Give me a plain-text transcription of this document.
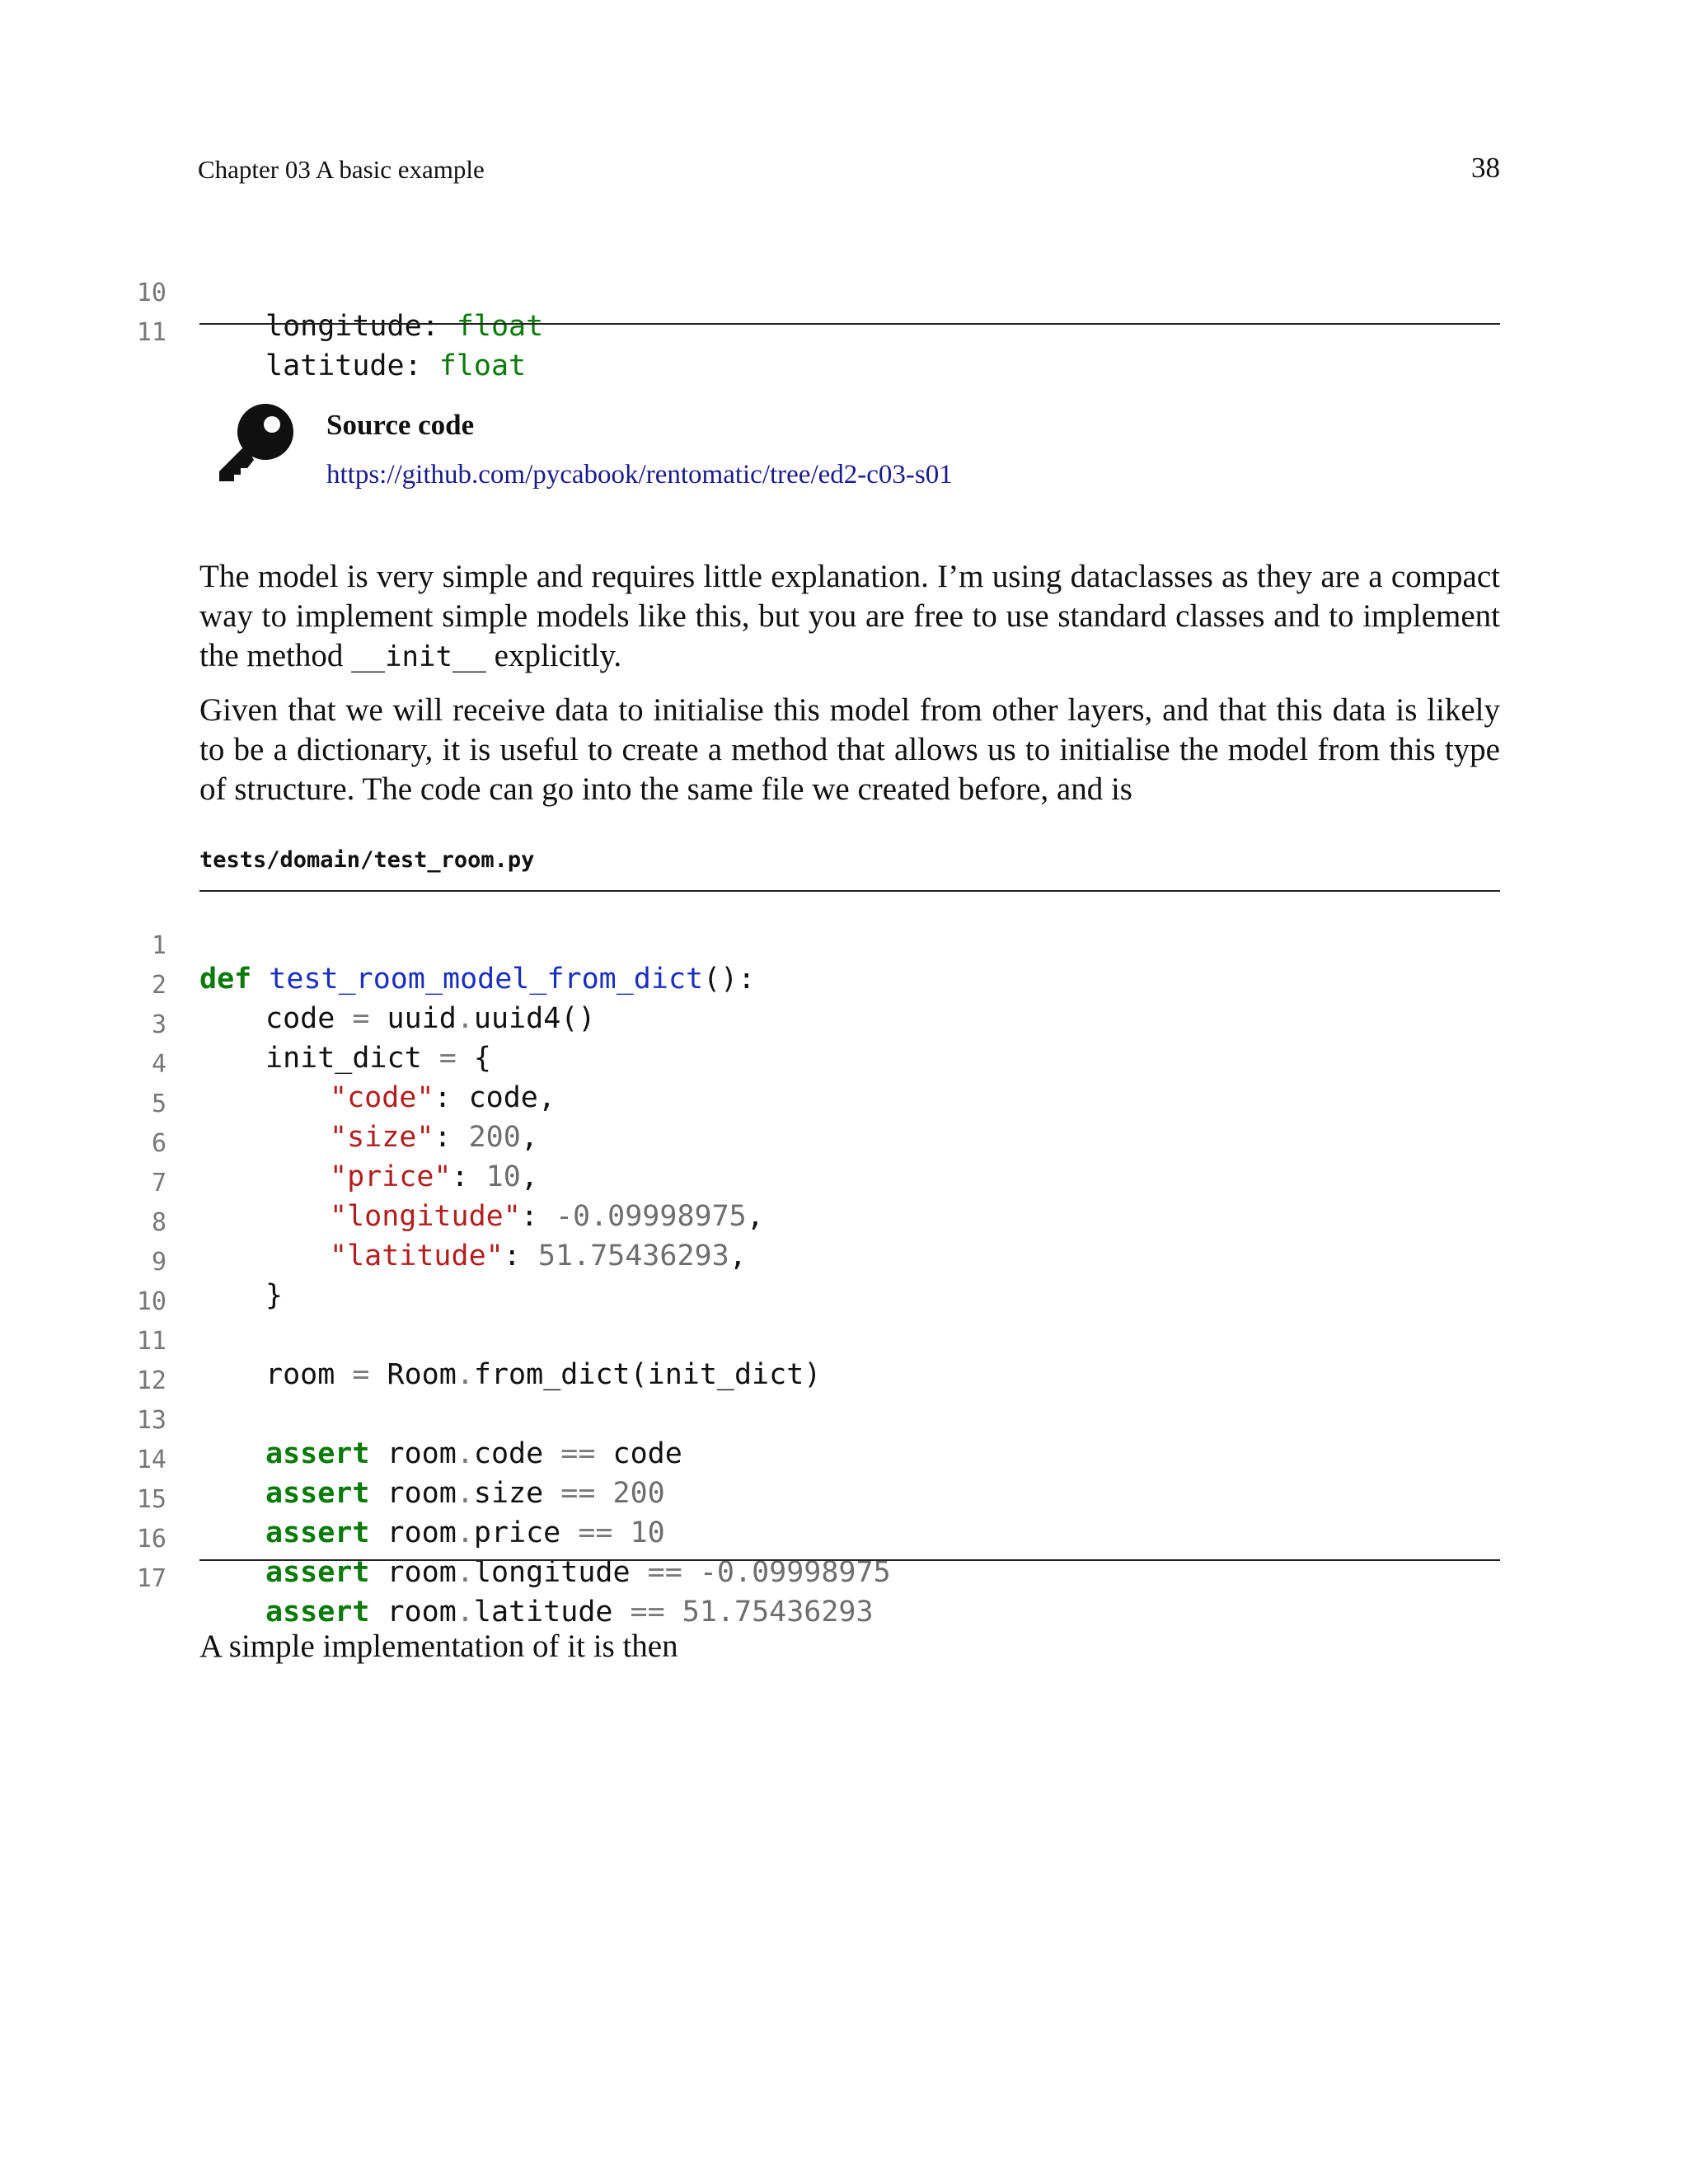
Chapter 03 A basic example	38

10

longitude: float

11

latitude: float

Source code
https://github.com/pycabook/rentomatic/tree/ed2-c03-s01

The model is very simple and requires little explanation. I’m using dataclasses as they are a compact way to implement simple models like this, but you are free to use standard classes and to implement the method __init__ explicitly.

Given that we will receive data to initialise this model from other layers, and that this data is likely to be a dictionary, it is useful to create a method that allows us to initialise the model from this type of structure. The code can go into the same file we created before, and is

tests/domain/test_room.py

1

def test_room_model_from_dict():

2

code = uuid.uuid4()

3

init_dict = {

4

"code": code,

5

"size": 200,

6

"price": 10,

7

"longitude": -0.09998975,

8

"latitude": 51.75436293,

9

}

10

11

room = Room.from_dict(init_dict)

12

13

assert room.code == code

14

assert room.size == 200

15

assert room.price == 10

16

assert room.longitude == -0.09998975

17

assert room.latitude == 51.75436293

A simple implementation of it is then
